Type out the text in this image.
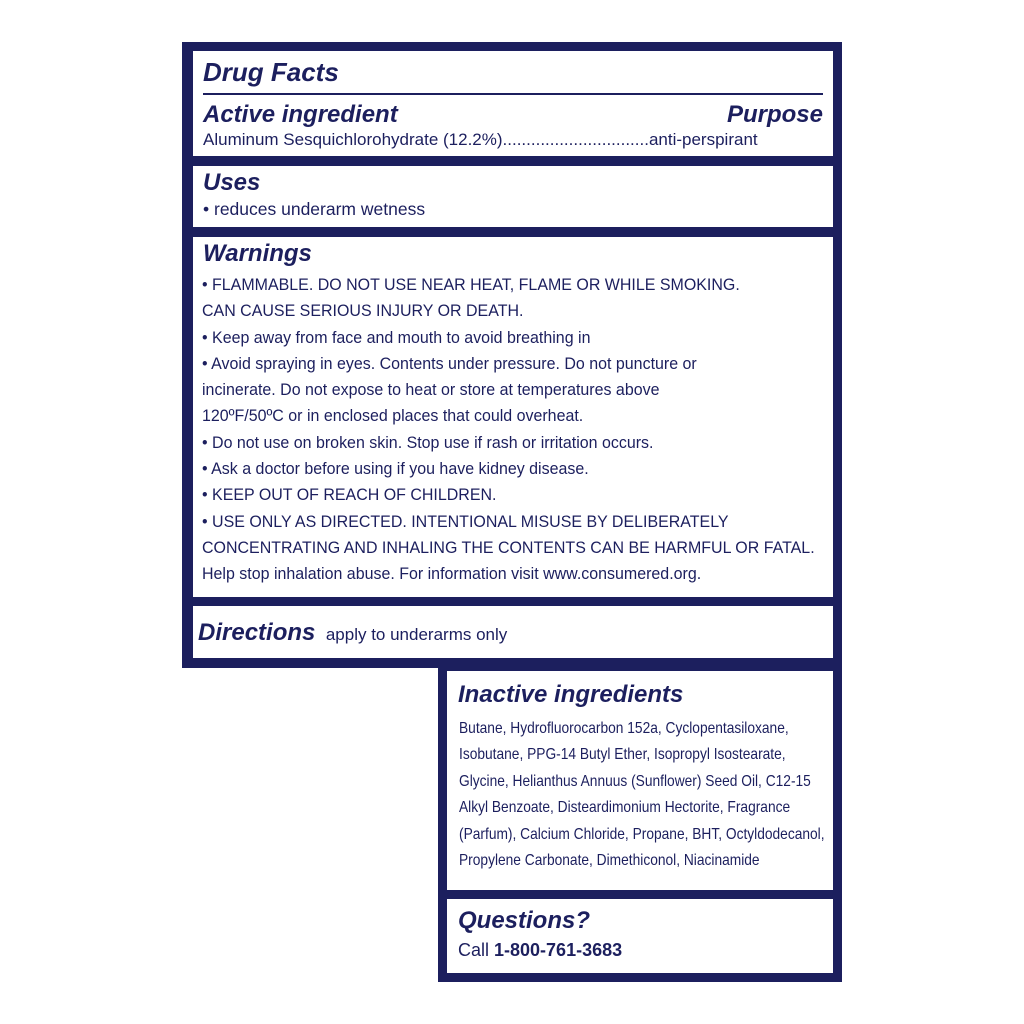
Drug Facts
Active ingredient	Purpose
Aluminum Sesquichlorohydrate (12.2%)...............................anti-perspirant
Uses
• reduces underarm wetness
Warnings
• FLAMMABLE. DO NOT USE NEAR HEAT, FLAME OR WHILE SMOKING.
CAN CAUSE SERIOUS INJURY OR DEATH.
• Keep away from face and mouth to avoid breathing in
• Avoid spraying in eyes. Contents under pressure. Do not puncture or
incinerate. Do not expose to heat or store at temperatures above
120ºF/50ºC or in enclosed places that could overheat.
• Do not use on broken skin. Stop use if rash or irritation occurs.
• Ask a doctor before using if you have kidney disease.
• KEEP OUT OF REACH OF CHILDREN.
• USE ONLY AS DIRECTED. INTENTIONAL MISUSE BY DELIBERATELY
CONCENTRATING AND INHALING THE CONTENTS CAN BE HARMFUL OR FATAL.
Help stop inhalation abuse. For information visit www.consumered.org.
Directions apply to underarms only
Inactive ingredients
Butane, Hydrofluorocarbon 152a, Cyclopentasiloxane,
Isobutane, PPG-14 Butyl Ether, Isopropyl Isostearate,
Glycine, Helianthus Annuus (Sunflower) Seed Oil, C12-15
Alkyl Benzoate, Disteardimonium Hectorite, Fragrance
(Parfum), Calcium Chloride, Propane, BHT, Octyldodecanol,
Propylene Carbonate, Dimethiconol, Niacinamide
Questions?
Call 1-800-761-3683
